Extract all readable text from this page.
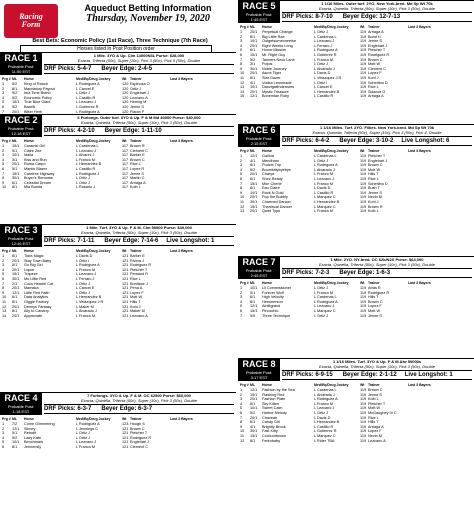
Racing
Form
Aqueduct Betting Information
Thursday, November 19, 2020
Best Bets: Economic Policy (1st Race), Three Technique (7th Race)
Horses listed in Post Position order
RACE 1
Probable Post:
11:50 EST
1 Mile. 3YO & Up. Clm 14000N3L Purse: $28,000
Exacta, Trifecta (50c), Super (10c), Pick 3 (50c), Pick 5 (50c), Double
DRF Picks: 5-4-7 Beyer Edge: 2-4-5
Prg # ML	Horse	Med/Eq/Drug Jockey	Wt	Trainer	Last 3 Bayers
1	5/2	King of Ranch	L Rodriguez A	120 Espinoza O
2	8/1	Mandatory Payout	L Cancel E	120 Ortiz J
3	9/2	Ima Time Bomb	L Ortiz J	120 Englehart J
4	5/2	Economic Policy	L Castillo R	120 Lezcano A
5	15/1	True Blue Giant	L Lezcano J	120 Hennig M
6	9/2	Bacelli	L Gutierrez R	120 Jenne S
7	20/1	Bitter Herb	L Rodriguez A	120 Fiaran F
RACE 2
Probable Post:
12:18 EST
6 Furlongs. Outer turf. 3YO & Up. F & M Md 40000 Purse: $40,000
Exacta, Quinella, Trifecta (50c), Super (10c), Pick 3 (50c), Double
DRF Picks: 4-2-10 Beyer Edge: 1-11-10
Prg # ML	Horse	Med/Eq/Drug Jockey	Wt	Trainer	Last 3 Bayers
1	15/1	Caramel Girl	L Cardenas L	117 Brown R
2	5/1	Claire Zee	L Lezcano J	117 Clement C
3	10/1	Idalia	L Alvarez J	117 Barker E
4	3/1	Kiss and Run	L Franco M	117 Brown C
5	20/1	Roma Carpo	L Hernandez B	117 Rice L
6	5/1	Mantis Blazer	L Castillo R	117 Lopez R
7	15/1	Carefree Highway	L Rodriguez J	117 Jenne S
8	30/1	Buyer's Remorse	L Ortiz J	117 Martin C
9	6/1	Celestial Dream	L Ortiz J	117 Arriaga A
10	8/1	Mia Bonita	L Rosario J	117 Kolb L
RACE 3
Probable Post:
12:46 EST
1 Mile. Turf. 3YO & Up. F & M. Clm 50000 Purse: $40,000
Exacta, Quinella, Trifecta (50c), Super (10c), Pick 3 (50c), Double
DRF Picks: 7-1-11 Beyer Edge: 7-14-6 Live Longshot: 1
Prg # ML	Horse	Med/Eq/Drug Jockey	Wt	Trainer	Last 3 Bayers
1	8/1	Tiara Magic	L Davis D	121 Barker E
2	20/1	Stay Town Baby	L Ortiz I	121 Rivera J
3	5/1	Go Big Girl	L Rodriguez A	121 Rodriguez R
4	20/1	Liquor	L Franco M	121 Pletcher T
5	15/1	Trapeze	L Lezcano J	121 Persaud R
6	30/1	Ms Little Red	L Ferraro J	121 Rice L
7	2/1	Coco Heartel Cat	L Ortiz J	121 Boniface J
8	20/1	Mamaka	L Cancel E	121 Pena A
9	12/1	Little Red Faith	L Ortiz J	121 Lopez F
10	6/1	Data Analytics	L Hernandez B	121 Mott W
11	8/1	Giggle Factory	L Velazquez J R	121 Hills T
12	20/1	Dennys Fantasy	L Maker M	121 Kohl J
13	8/1	Ally to Canarry	L Alvarado J	121 Maker M
14	20/1	Appreciate	L Franco M	121 Lezcano A
RACE 4
Probable Post:
1:18 EST
7 Furlongs. 3YO & Up. F & M. OC 62500 Purse: $60,000
Exacta, Quinella, Trifecta (50c), Super (10c), Pick 3 (50c), Double
DRF Picks: 6-3-7 Beyer Edge: 6-3-7
Prg # ML	Horse	Med/Eq/Drug Jockey	Wt	Trainer	Last 3 Bayers
1	7/2	Come Glimmering	L Rodriguez A	123 Hough S
2	12/1	Slimey	L Jennings C	121 Brown C
3	5/1	Retrofit	L Ortiz J	121 Pletcher T
4	5/2	Lady Kate	L Ortiz J	121 Rodriguez R
5	10/1	Benchmark	L Lezcano J	121 Englehart J
6	8/1	Jennemily	L Franco M	121 Clement C
RACE 5
Probable Post:
1:45 EST
1 1/16 Miles. Outer turf. 2YO. New York-bred. Md Sp Wt 70k
Exacta, Quinella, Trifecta (50c), Super (10c), Pick 3 (50c), Double
DRF Picks: 8-7-10 Beyer Edge: 12-7-13
Prg # ML	Horse	Med/Eq/Drug Jockey	Wt	Trainer	Last 3 Bayers
1	20/1	Perpetual Change	L Ortiz J	119 Arriaga A
2	8/1	Big Little Rae	L Cardenas L	119 Bond H
3	10/1	Outgetsomeoneelse	L Lezcano J	119 Jenne S
4	20/1	Eight Weeks Long	L Ferraro J	119 Englehart J
5	6/1	Honor Mission	L Rodriguez A	119 Pletcher T
6	15/1	Mr. Right Guy	L Gutierrez R	119 Rodriguez R
7	5/2	Tanners Neck Lane	L Franco M	119 Brown C
8	3/1	Polpis	L Ortiz J	119 Mott W
9	30/1	Noble Journey	L Alvarado J	119 Clement C
10	20/1	Ascot Tiger	L Davis D	119 Lopez F
11	8/1	Star Gazer	L Velazquez J R	119 Kohl J
12	4/1	Vodka Lemonade	L Ortiz I	119 Schettino D
13	10/1	Danzigwithdemons	L Cancel E	119 Rice L
14	20/1	Mystic Treasure	L Hernandez B	119 Sciacca G
15	12/1	Bohemian Ruby	L Castillo R	119 Arriaga A
RACE 6
Probable Post:
2:15 EST
1 1/16 Miles. Turf. 2YO. Fillies. New York-bred. Md Sp Wt 70k
Exacta, Quinella, Trifecta (50c), Super (10c), Pick 3 (50c), Pick 4, Double
DRF Picks: 6-4-2 Beyer Edge: 3-10-2 Live Longshot: 6
Prg # ML	Horse	Med/Eq/Drug Jockey	Wt	Trainer	Last 3 Bayers
1	12/1	Gallina	L Cardenas L	119 Pletcher T
2	4/1	Mendham	L Ortiz J	119 Englehart J
3	8/1	Pocket Trip	L Rodriguez A	119 Brown C
4	5/2	Boomkittybyebye	L Alvarado J	119 Mott W
5	20/1	Charya	L Franco M	119 Hills T
6	6/1	Shez Ready	L Lezcano J	119 Rice L
7	15/1	Mon Cherie	L Franco M	119 Schettino D
8	8/1	Eau Claire	L Davis D	119 Bush T
9	10/1	Rock N Gold	L Castillo R	119 Jenne S
10	20/1	Pop the Bubbly	L Marquez C	119 Nevin M
11	30/1	Charmed Dancer	L Hernandez B	119 Kohl J
12	15/1	Theatrical Dancer	L Marquez C	119 Brown R
13	20/1	Quiet Type	L Franco M	119 Kolb L
RACE 7
Probable Post:
2:45 EST
1 Mile. 2YO. NY-bred. OC 62k/N2X Purse: $64,000
Exacta, Quinella, Trifecta (50c), Super (10c), Pick 3 (50c), Double
DRF Picks: 7-2-3 Beyer Edge: 1-6-3
Prg # ML	Horse	Med/Eq/Drug Jockey	Wt	Trainer	Last 3 Bayers
1	10/1	Lil Commissioner	L Ortiz J	119 Atras R
2	5/1	Forever Wolf	L Franco M	119 Rodriguez R
3	6/1	High Velocity	L Cardenas L	119 Hills T
4	8/1	Hemmerson	L Rodriguez A	119 Brown C
5	12/1	Aintitgrand	L Lezcano J	119 Lopez F
6	15/1	Pinocchio	L Marquez C	119 Mott W
7	9/5	Three Technique	L Ortiz J	119 Jenne S
RACE 8
Probable Post:
3:17 EST
1 1/16 Miles. Turf. 3YO & Up. F & M Alw 50000s
Exacta, Quinella, Trifecta (50c), Super (10c), Pick 3 (50c), Double
DRF Picks: 6-9-15 Beyer Edge: 2-1-12 Live Longshot: 1
Prg # ML	Horse	Med/Eq/Drug Jockey	Wt	Trainer	Last 3 Bayers
1	12/1	Fashion by the Sea	L Cardenas L	119 Brown C
2	15/1	Flashing Red	L Alvarado J	119 Jenne S
3	20/1	Fashion Plate	L Rodriguez A	119 Kolb L
4	8/1	Sky Kitten	L Franco M	119 Pletcher T
5	10/1	Sweet Calm	L Lezcano J	119 Mott W
6	5/2	Harbor Melody	L Ortiz J	119 McGaughey III C
7	20/1	Chaveah	L Davis D	119 Rice L
8	6/1	Candy Girl	L Hernandez B	119 Hills T
9	4/1	Brightly Brook	L Castillo R	119 Arriaga A
10	30/1	Fast Kitty	L Gutierrez R	119 Lopez F
11	15/1	Coolconfusion	L Marquez C	119 Nevin M
12	8/1	Fedrobaby	L Rider TBA	119 Lezcano A
